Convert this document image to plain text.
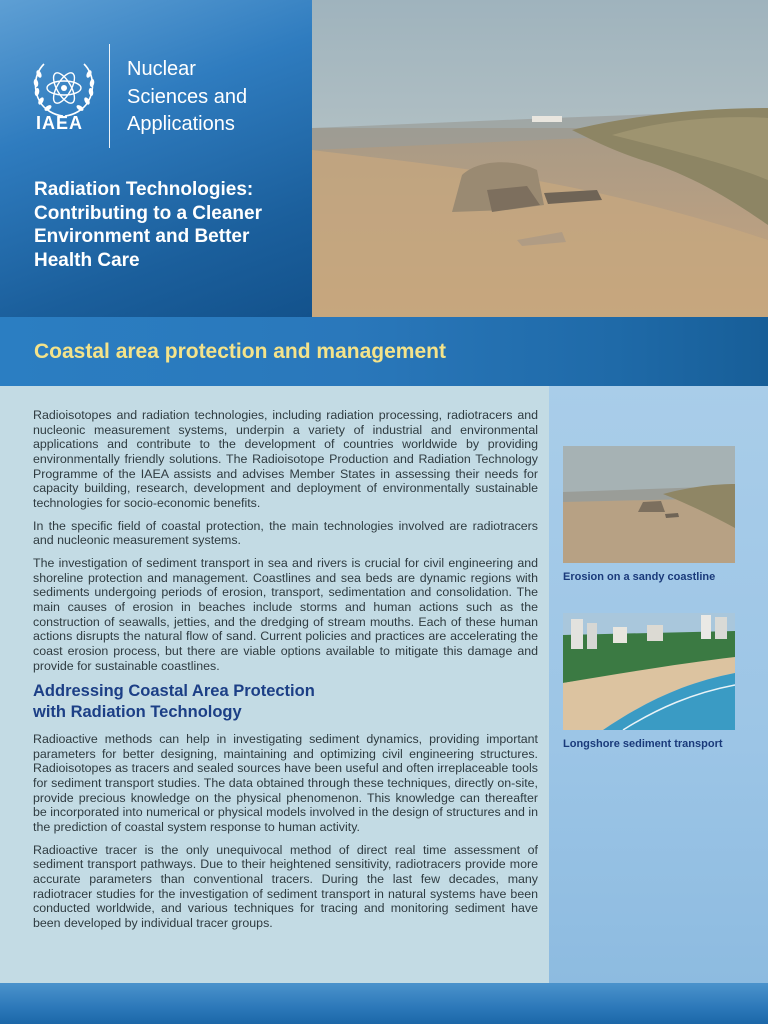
IAEA
Nuclear
Sciences and
Applications
Radiation Technologies:
Contributing to a Cleaner
Environment and Better
Health Care
Coastal area protection and management

Radioisotopes and radiation technologies, including radiation processing, radiotracers and nucleonic measurement systems, underpin a variety of industrial and environmental applications and contribute to the development of countries worldwide by providing environmentally friendly solutions. The Radioisotope Production and Radiation Technology Programme of the IAEA assists and advises Member States in assessing their needs for capacity building, research, development and deployment of environmentally sustainable technologies for socio-economic benefits.

In the specific field of coastal protection, the main technologies involved are radiotracers and nucleonic measurement systems.

The investigation of sediment transport in sea and rivers is crucial for civil engineering and shoreline protection and management. Coastlines and sea beds are dynamic regions with sediments undergoing periods of erosion, transport, sedimentation and consolidation. The main causes of erosion in beaches include storms and human actions such as the construction of seawalls, jetties, and the dredging of stream mouths. Each of these human actions disrupts the natural flow of sand. Current policies and practices are accelerating the coast erosion process, but there are viable options available to mitigate this damage and provide for sustainable coastlines.

Addressing Coastal Area Protection
with Radiation Technology

Radioactive methods can help in investigating sediment dynamics, providing important parameters for better designing, maintaining and optimizing civil engineering structures. Radioisotopes as tracers and sealed sources have been useful and often irreplaceable tools for sediment transport studies. The data obtained through these techniques, directly on-site, provide precious knowledge on the physical phenomenon. This knowledge can thereafter be incorporated into numerical or physical models involved in the design of structures and in the prediction of coastal system response to human activity.

Radioactive tracer is the only unequivocal method of direct real time assessment of sediment transport pathways. Due to their heightened sensitivity, radiotracers provide more accurate parameters than conventional tracers. During the last few decades, many radiotracer studies for the investigation of sediment transport in natural systems have been conducted worldwide, and various techniques for tracing and monitoring sediment have been developed by individual tracer groups.

Erosion on a sandy coastline
Longshore sediment transport
